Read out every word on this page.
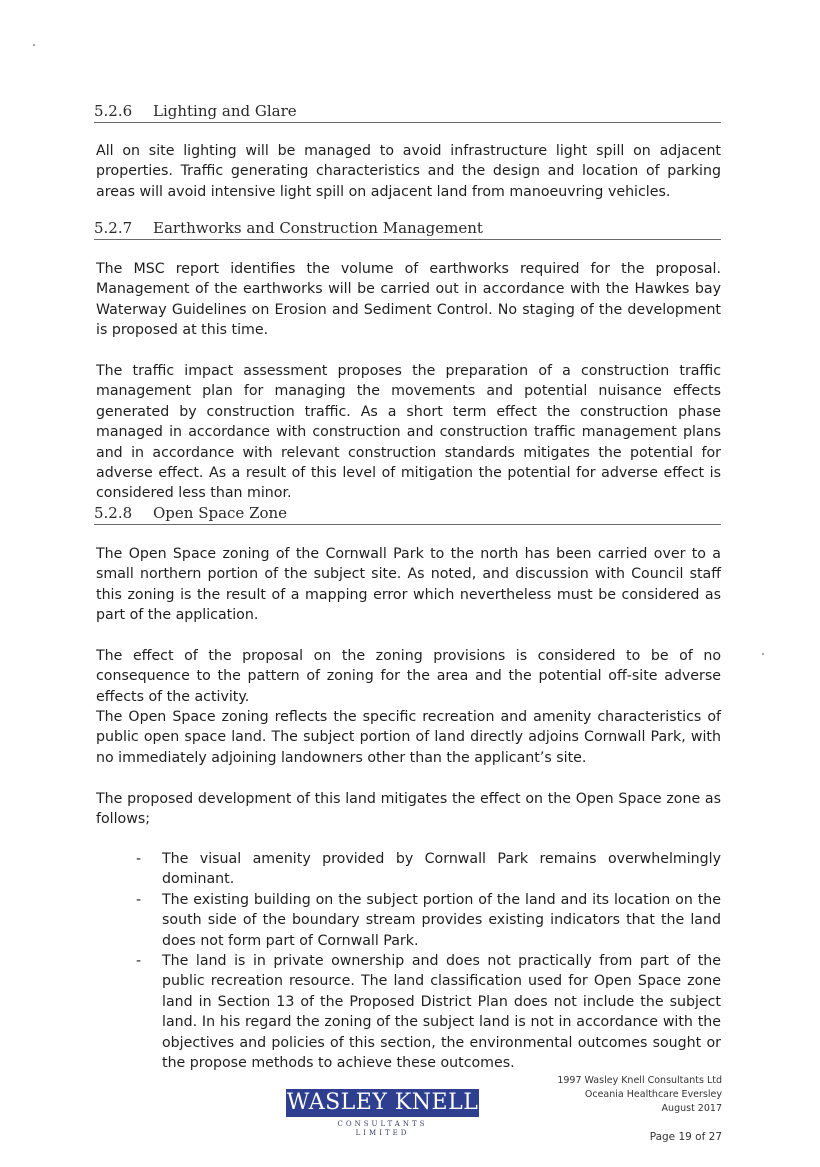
5.2.6 Lighting and Glare

All on site lighting will be managed to avoid infrastructure light spill on adjacent properties. Traffic generating characteristics and the design and location of parking areas will avoid intensive light spill on adjacent land from manoeuvring vehicles.

5.2.7 Earthworks and Construction Management

The MSC report identifies the volume of earthworks required for the proposal. Management of the earthworks will be carried out in accordance with the Hawkes bay Waterway Guidelines on Erosion and Sediment Control. No staging of the development is proposed at this time.

The traffic impact assessment proposes the preparation of a construction traffic management plan for managing the movements and potential nuisance effects generated by construction traffic. As a short term effect the construction phase managed in accordance with construction and construction traffic management plans and in accordance with relevant construction standards mitigates the potential for adverse effect. As a result of this level of mitigation the potential for adverse effect is considered less than minor.

5.2.8 Open Space Zone

The Open Space zoning of the Cornwall Park to the north has been carried over to a small northern portion of the subject site. As noted, and discussion with Council staff this zoning is the result of a mapping error which nevertheless must be considered as part of the application.

The effect of the proposal on the zoning provisions is considered to be of no consequence to the pattern of zoning for the area and the potential off-site adverse effects of the activity.

The Open Space zoning reflects the specific recreation and amenity characteristics of public open space land. The subject portion of land directly adjoins Cornwall Park, with no immediately adjoining landowners other than the applicant’s site.

The proposed development of this land mitigates the effect on the Open Space zone as follows;

- The visual amenity provided by Cornwall Park remains overwhelmingly dominant.
- The existing building on the subject portion of the land and its location on the south side of the boundary stream provides existing indicators that the land does not form part of Cornwall Park.
- The land is in private ownership and does not practically from part of the public recreation resource. The land classification used for Open Space zone land in Section 13 of the Proposed District Plan does not include the subject land. In his regard the zoning of the subject land is not in accordance with the objectives and policies of this section, the environmental outcomes sought or the propose methods to achieve these outcomes.
WASLEY KNELL
CONSULTANTS
LIMITED
1997 Wasley Knell Consultants Ltd
Oceania Healthcare Eversley
August 2017
Page 19 of 27
